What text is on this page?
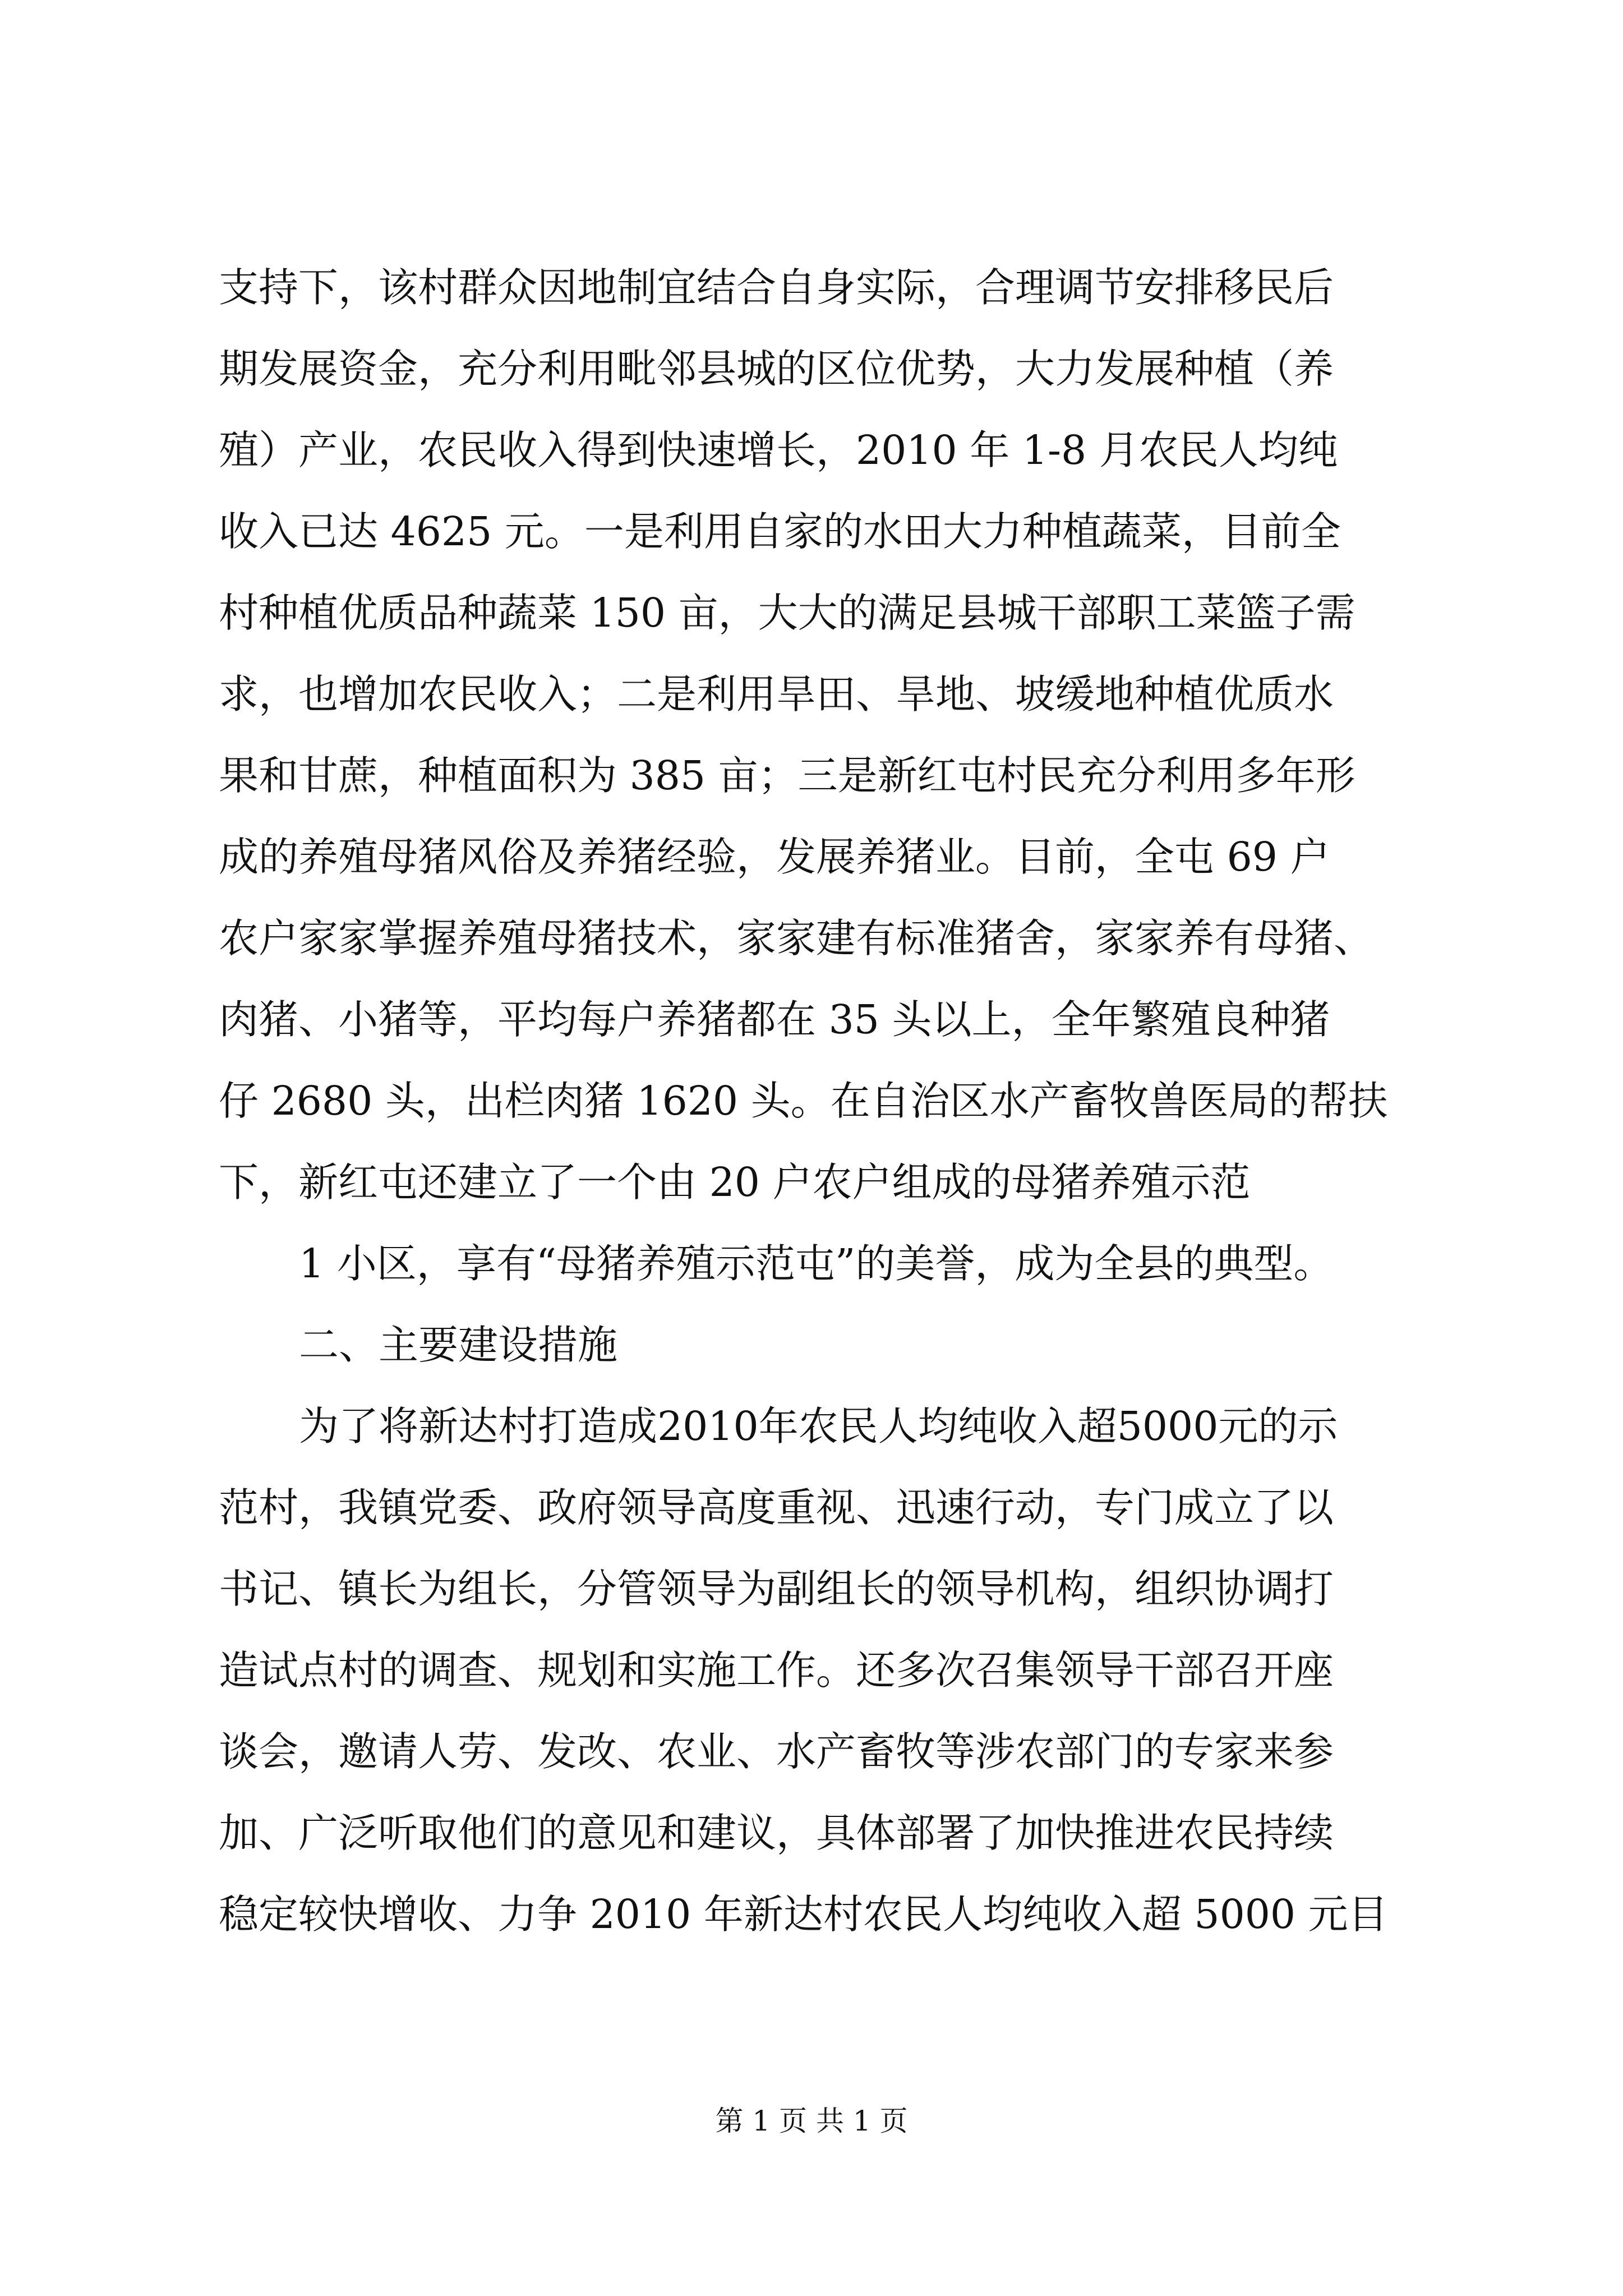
支持下，该村群众因地制宜结合自身实际，合理调节安排移民后
期发展资金，充分利用毗邻县城的区位优势，大力发展种植（养
殖）产业，农民收入得到快速增长，2010 年 1-8 月农民人均纯
收入已达 4625 元。一是利用自家的水田大力种植蔬菜，目前全
村种植优质品种蔬菜 150 亩，大大的满足县城干部职工菜篮子需
求，也增加农民收入；二是利用旱田、旱地、坡缓地种植优质水
果和甘蔗，种植面积为 385 亩；三是新红屯村民充分利用多年形
成的养殖母猪风俗及养猪经验，发展养猪业。目前，全屯 69 户
农户家家掌握养殖母猪技术，家家建有标准猪舍，家家养有母猪、
肉猪、小猪等，平均每户养猪都在 35 头以上，全年繁殖良种猪
仔 2680 头，出栏肉猪 1620 头。在自治区水产畜牧兽医局的帮扶
下，新红屯还建立了一个由 20 户农户组成的母猪养殖示范
1 小区，享有“母猪养殖示范屯”的美誉，成为全县的典型。
二、主要建设措施
为了将新达村打造成2010年农民人均纯收入超5000元的示
范村，我镇党委、政府领导高度重视、迅速行动，专门成立了以
书记、镇长为组长，分管领导为副组长的领导机构，组织协调打
造试点村的调查、规划和实施工作。还多次召集领导干部召开座
谈会，邀请人劳、发改、农业、水产畜牧等涉农部门的专家来参
加、广泛听取他们的意见和建议，具体部署了加快推进农民持续
稳定较快增收、力争 2010 年新达村农民人均纯收入超 5000 元目
第 1 页 共 1 页
